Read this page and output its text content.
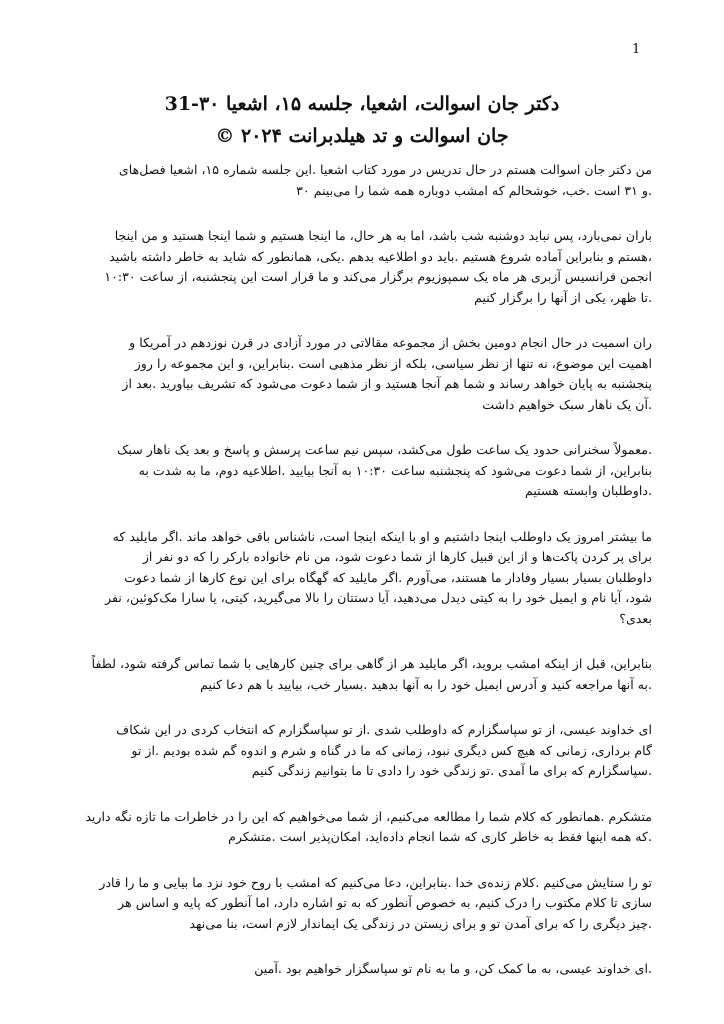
1
دکتر جان اسوالت، اشعیا، جلسه ۱۵، اشعیا ۳۰-31
جان اسوالت و تد هیلدبرانت ۲۰۲۴ ©

من دکتر جان اسوالت هستم در حال تدریس در مورد کتاب اشعیا .این جلسه شماره ۱۵، اشعیا فصل‌های
.و ۳۱ است .خب، خوشحالم که امشب دوباره همه شما را می‌بینم ۳۰

باران نمی‌بارد، پس نباید دوشنبه شب باشد، اما به هر حال، ما اینجا هستیم و شما اینجا هستید و من اینجا
،هستم و بنابراین آماده شروع هستیم .باید دو اطلاعیه بدهم .یکی، همانطور که شاید به خاطر داشته باشید
انجمن فرانسیس آزبری هر ماه یک سمپوزیوم برگزار می‌کند و ما قرار است این پنجشنبه، از ساعت ۱۰:۳۰
.تا ظهر، یکی از آنها را برگزار کنیم

ران اسمیت در حال انجام دومین بخش از مجموعه مقالاتی در مورد آزادی در قرن نوزدهم در آمریکا و
اهمیت این موضوع، نه تنها از نظر سیاسی، بلکه از نظر مذهبی است .بنابراین، و این مجموعه را روز
پنجشنبه به پایان خواهد رساند و شما هم آنجا هستید و از شما دعوت می‌شود که تشریف بیاورید .بعد از
.آن یک ناهار سبک خواهیم داشت

.معمولاً سخنرانی حدود یک ساعت طول می‌کشد، سپس نیم ساعت پرسش و پاسخ و بعد یک ناهار سبک
بنابراین، از شما دعوت می‌شود که پنجشنبه ساعت ۱۰:۳۰ به آنجا بیایید .اطلاعیه دوم، ما به شدت به
.داوطلبان وابسته هستیم

ما بیشتر امروز یک داوطلب اینجا داشتیم و او با اینکه اینجا است، ناشناس باقی خواهد ماند .اگر مایلید که
برای پر کردن پاکت‌ها و از این قبیل کارها از شما دعوت شود، من نام خانواده بارکر را که دو نفر از
داوطلبان بسیار بسیار وفادار ما هستند، می‌آورم .اگر مایلید که گهگاه برای این نوع کارها از شما دعوت
شود، آیا نام و ایمیل خود را به کیتی دیدل می‌دهید، آیا دستتان را بالا می‌گیرید، کیتی، یا سارا مک‌کوئین، نفر
بعدی؟

بنابراین، قبل از اینکه امشب بروید، اگر مایلید هر از گاهی برای چنین کارهایی با شما تماس گرفته شود، لطفاً
.به آنها مراجعه کنید و آدرس ایمیل خود را به آنها بدهید .بسیار خب، بیایید با هم دعا کنیم

ای خداوند عیسی، از تو سپاسگزارم که داوطلب شدی .از تو سپاسگزارم که انتخاب کردی در این شکاف
گام برداری، زمانی که هیچ کس دیگری نبود، زمانی که ما در گناه و شرم و اندوه گم شده بودیم .از تو
.سپاسگزارم که برای ما آمدی .تو زندگی خود را دادی تا ما بتوانیم زندگی کنیم

متشکرم .همانطور که کلام شما را مطالعه می‌کنیم، از شما می‌خواهیم که این را در خاطرات ما تازه نگه دارید
.که همه اینها فقط به خاطر کاری که شما انجام داده‌اید، امکان‌پذیر است .متشکرم

تو را ستایش می‌کنیم .کلام زنده‌ی خدا .بنابراین، دعا می‌کنیم که امشب با روح خود نزد ما بیایی و ما را قادر
سازی تا کلام مکتوب را درک کنیم، به خصوص آنطور که به تو اشاره دارد، اما آنطور که پایه و اساس هر
.چیز دیگری را که برای آمدن تو و برای زیستن در زندگی یک ایماندار لازم است، بنا می‌نهد

.ای خداوند عیسی، به ما کمک کن، و ما به نام تو سپاسگزار خواهیم بود .آمین
